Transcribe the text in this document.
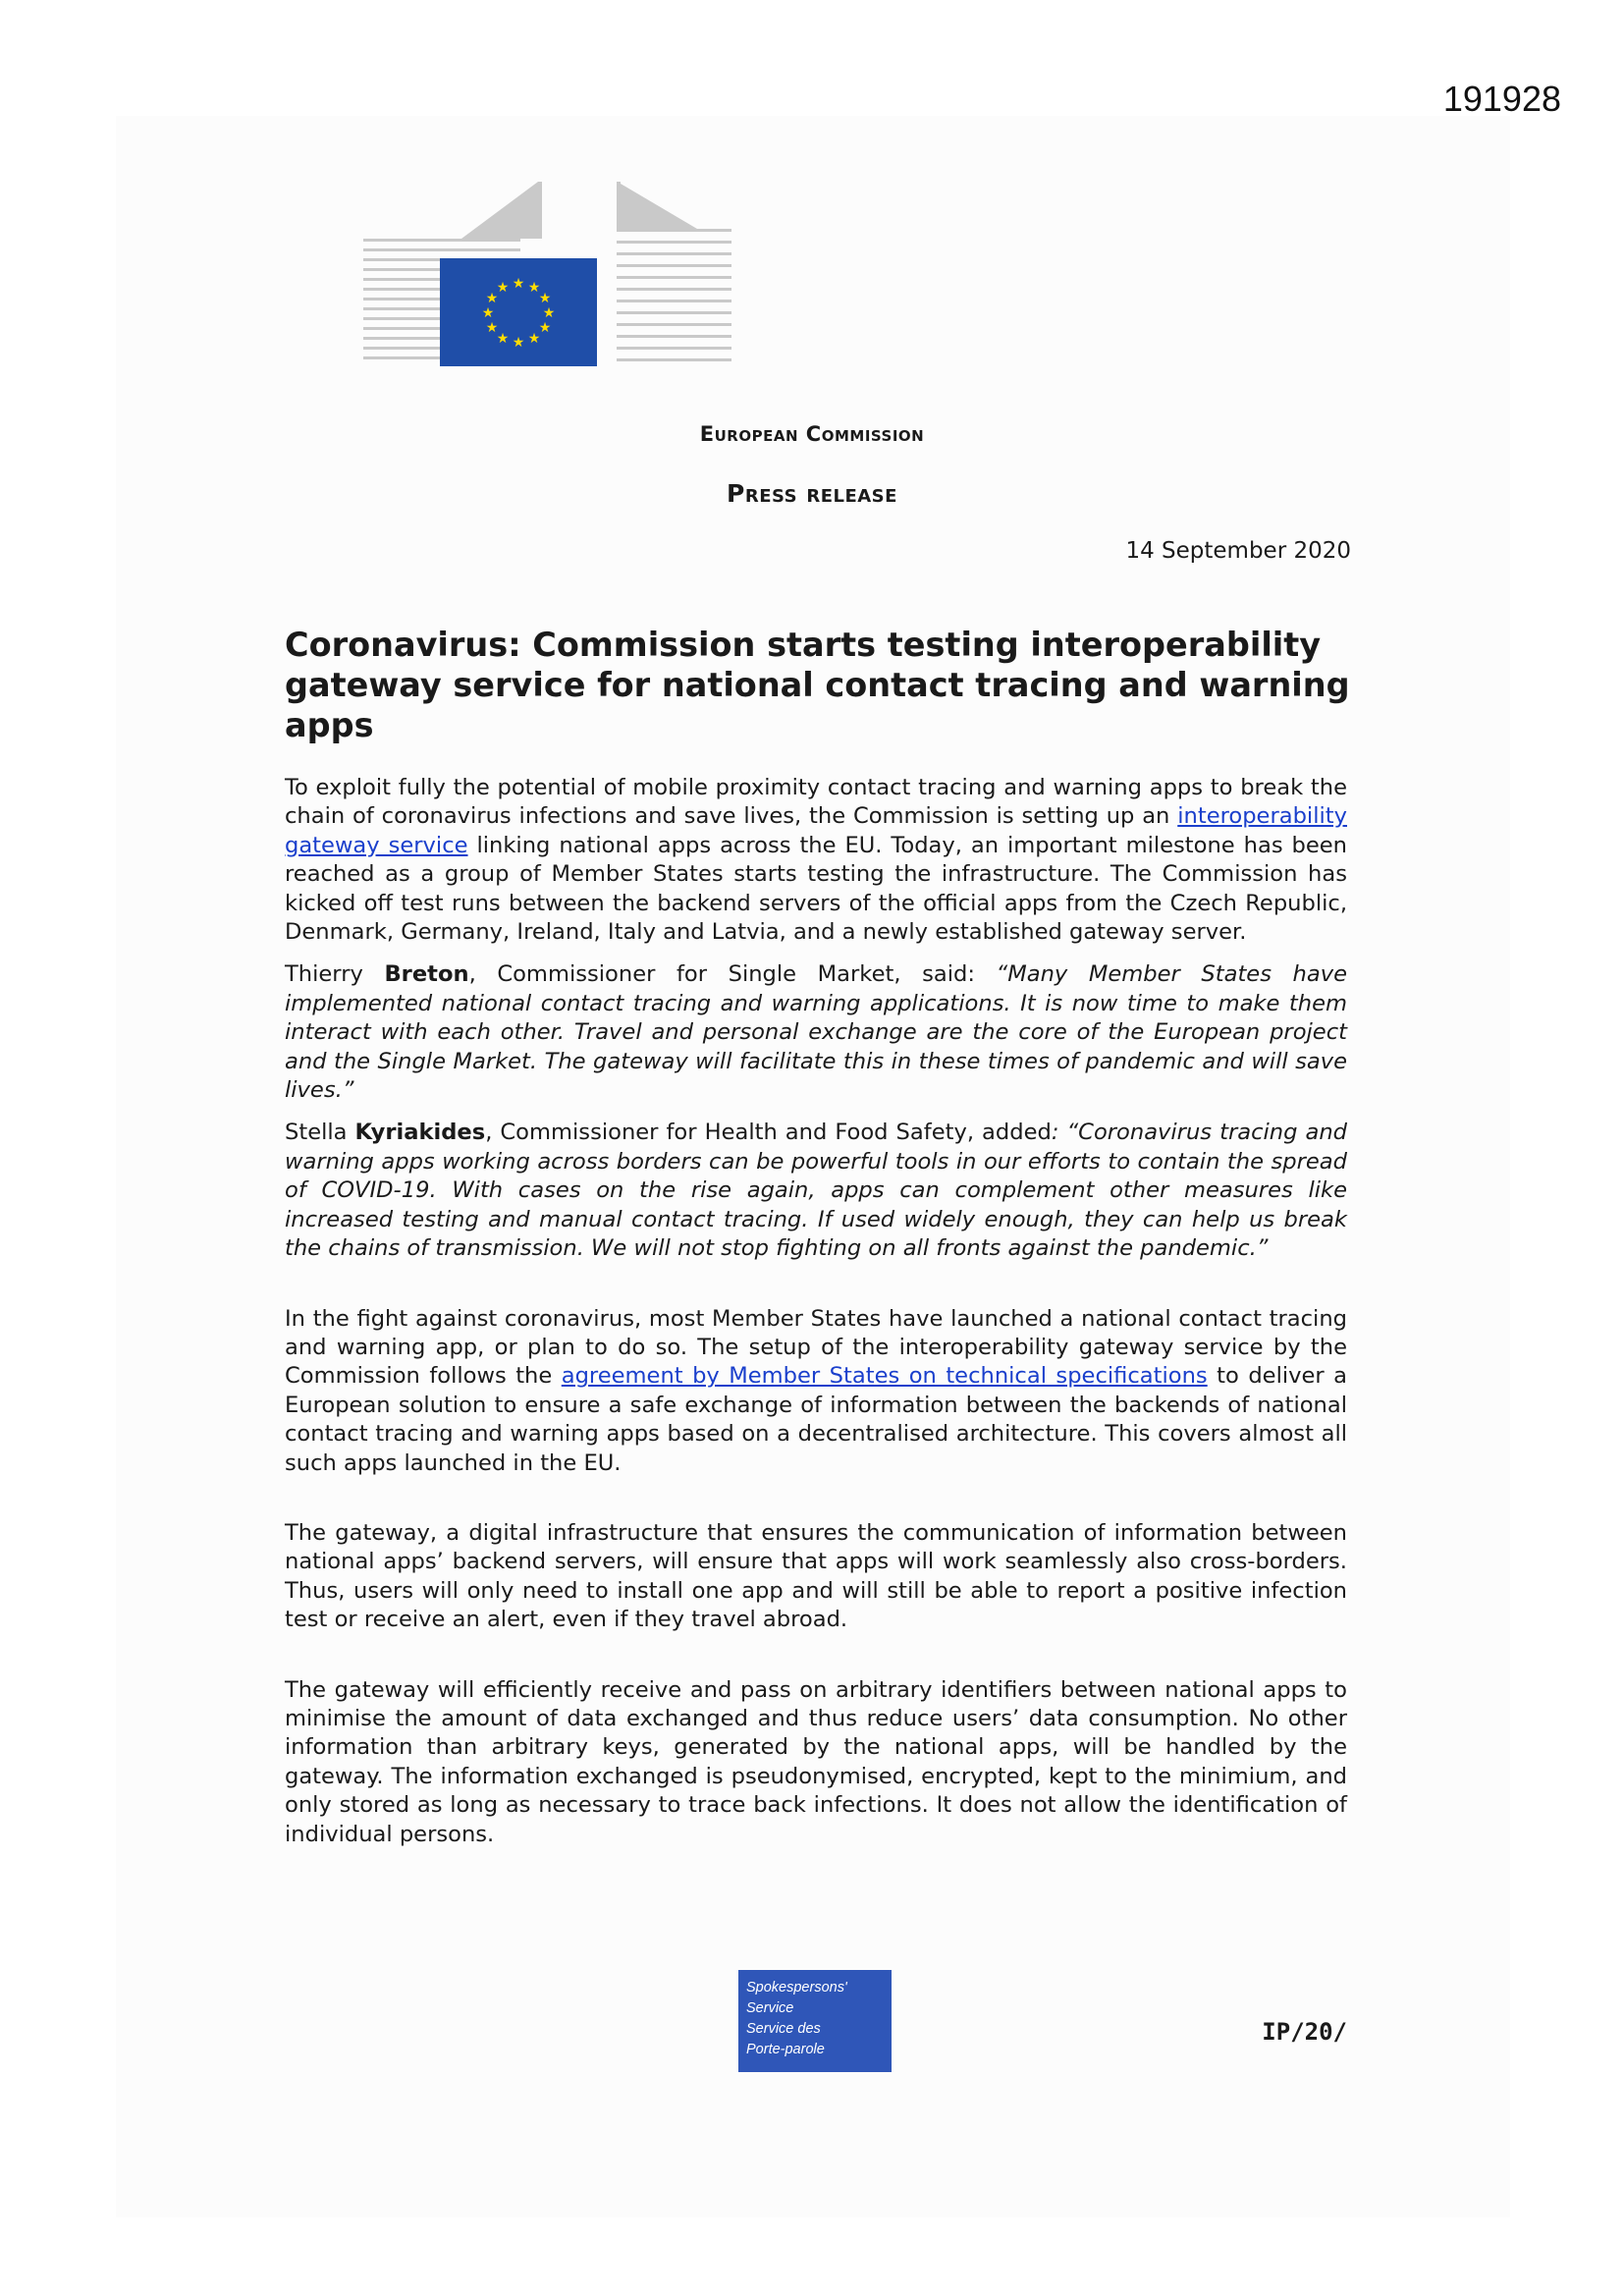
191928
★ ★
★
★
★
★
★
★
★
★
★
★
European Commission
Press release
14 September 2020
Coronavirus: Commission starts testing interoperability gateway service for national contact tracing and warning apps

To exploit fully the potential of mobile proximity contact tracing and warning apps to break the chain of coronavirus infections and save lives, the Commission is setting up an interoperability gateway service linking national apps across the EU. Today, an important milestone has been reached as a group of Member States starts testing the infrastructure. The Commission has kicked off test runs between the backend servers of the official apps from the Czech Republic, Denmark, Germany, Ireland, Italy and Latvia, and a newly established gateway server.

Thierry Breton, Commissioner for Single Market, said: “Many Member States have implemented national contact tracing and warning applications. It is now time to make them interact with each other. Travel and personal exchange are the core of the European project and the Single Market. The gateway will facilitate this in these times of pandemic and will save lives.”

Stella Kyriakides, Commissioner for Health and Food Safety, added: “Coronavirus tracing and warning apps working across borders can be powerful tools in our efforts to contain the spread of COVID-19. With cases on the rise again, apps can complement other measures like increased testing and manual contact tracing. If used widely enough, they can help us break the chains of transmission. We will not stop fighting on all fronts against the pandemic.”

In the fight against coronavirus, most Member States have launched a national contact tracing and warning app, or plan to do so. The setup of the interoperability gateway service by the Commission follows the agreement by Member States on technical specifications to deliver a European solution to ensure a safe exchange of information between the backends of national contact tracing and warning apps based on a decentralised architecture. This covers almost all such apps launched in the EU.

The gateway, a digital infrastructure that ensures the communication of information between national apps’ backend servers, will ensure that apps will work seamlessly also cross-borders. Thus, users will only need to install one app and will still be able to report a positive infection test or receive an alert, even if they travel abroad.

The gateway will efficiently receive and pass on arbitrary identifiers between national apps to minimise the amount of data exchanged and thus reduce users’ data consumption. No other information than arbitrary keys, generated by the national apps, will be handled by the gateway. The information exchanged is pseudonymised, encrypted, kept to the minimium, and only stored as long as necessary to trace back infections. It does not allow the identification of individual persons.

Spokespersons'
Service
Service des
Porte-parole
IP/20/
